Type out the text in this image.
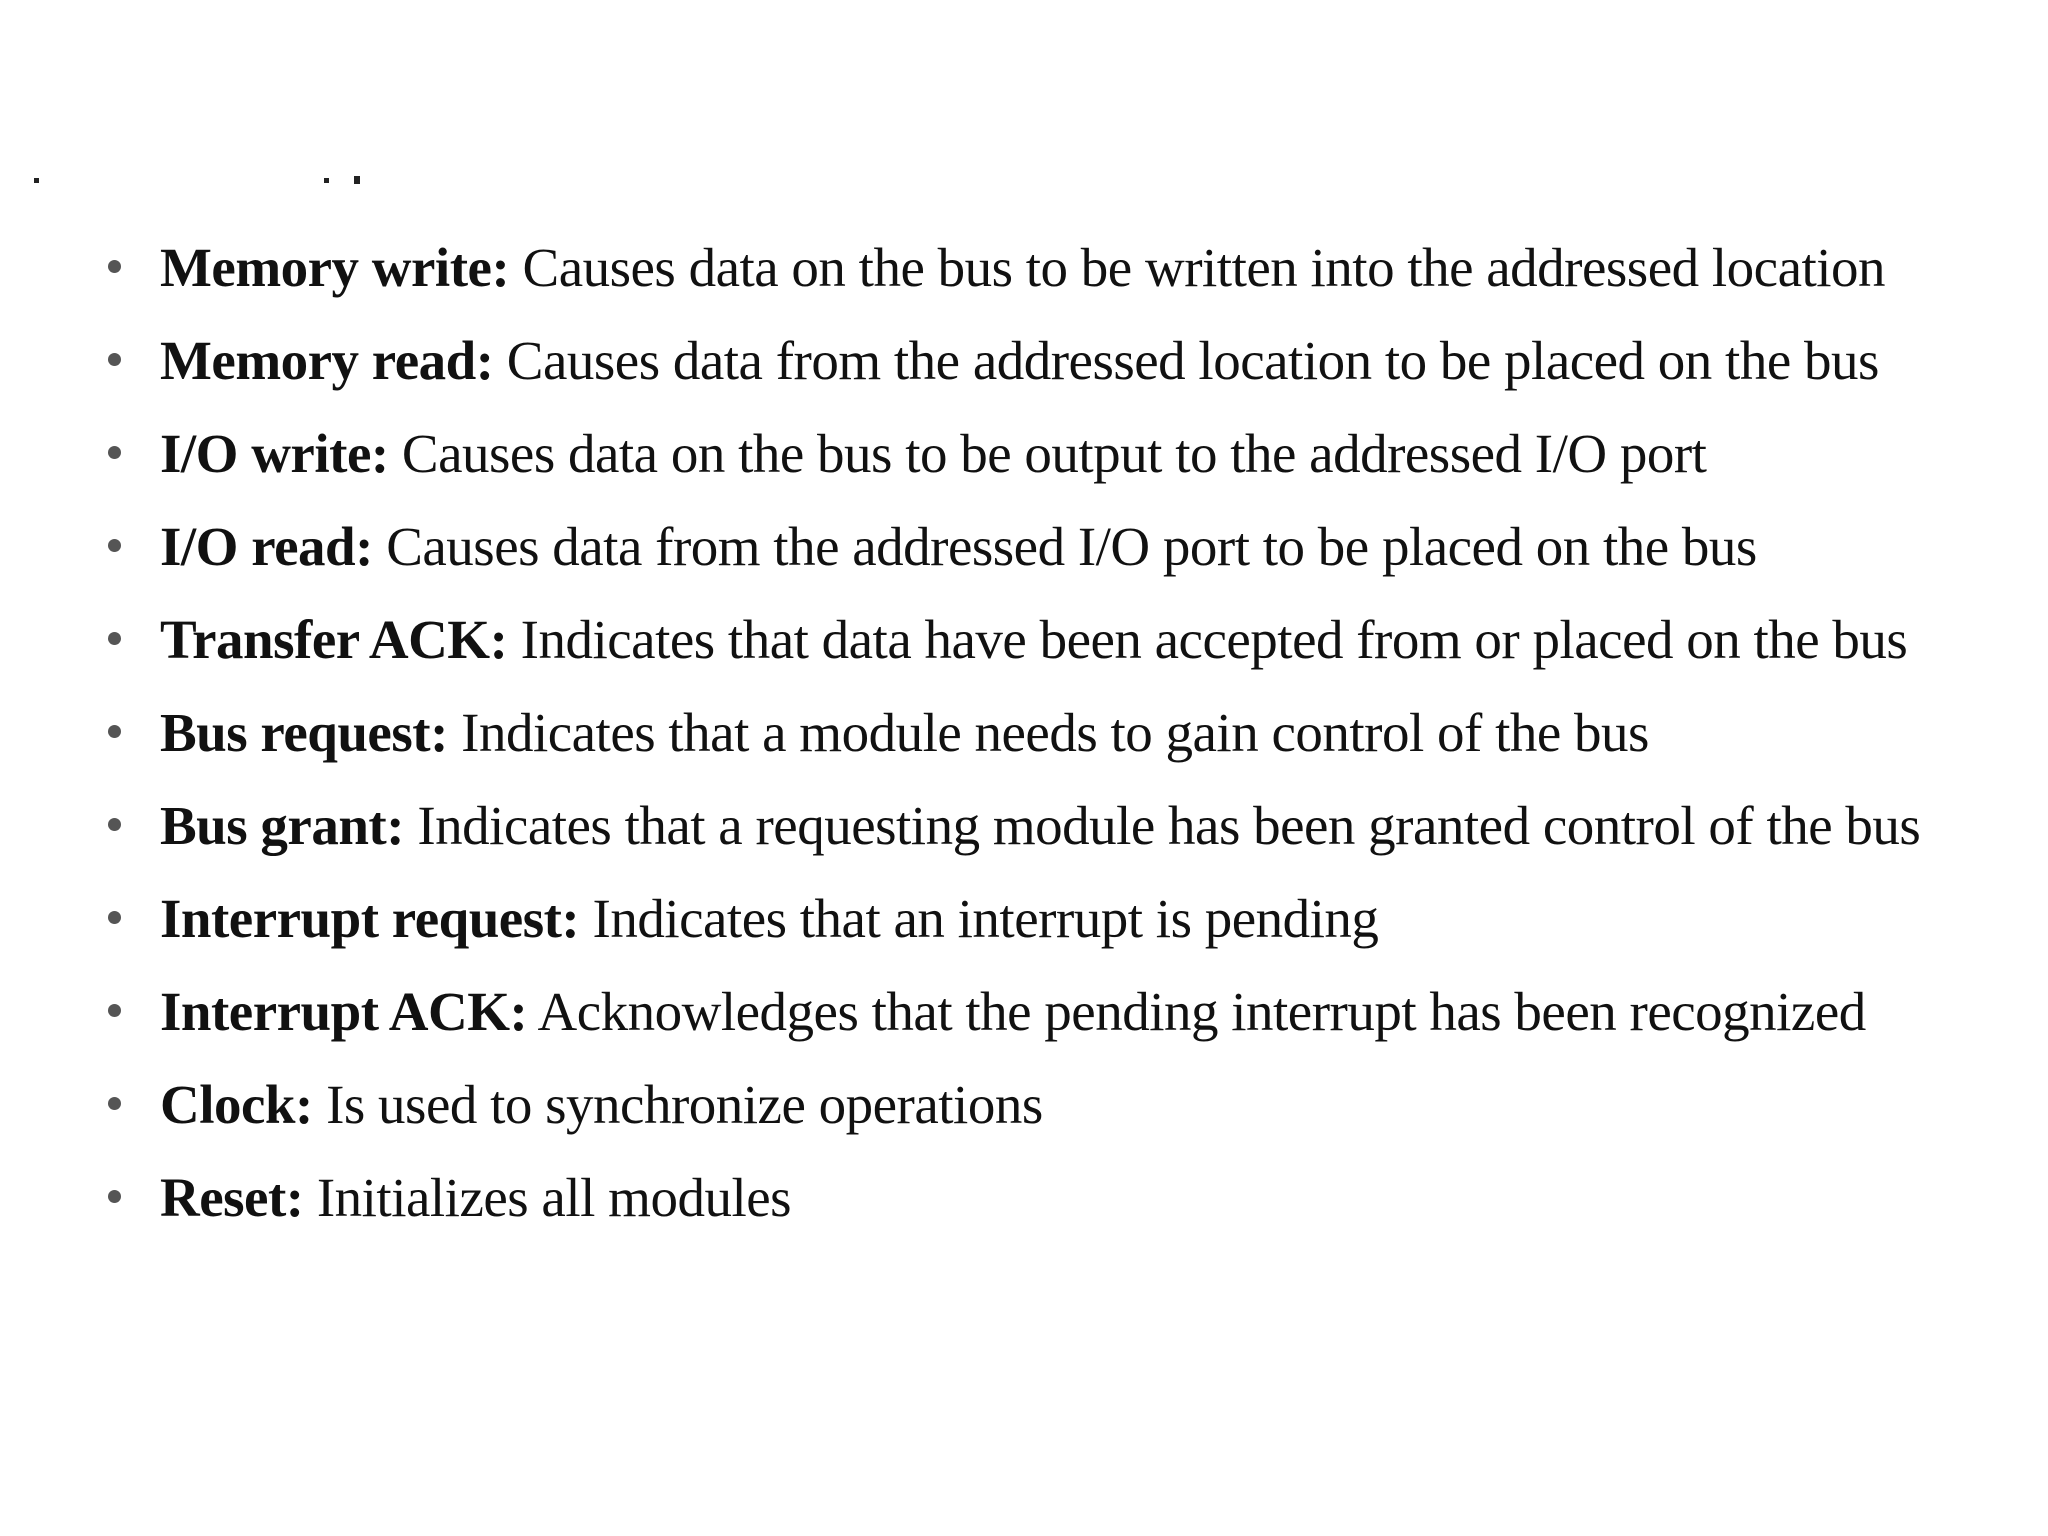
Memory write: Causes data on the bus to be written into the addressed location
Memory read: Causes data from the addressed location to be placed on the bus
I/O write: Causes data on the bus to be output to the addressed I/O port
I/O read: Causes data from the addressed I/O port to be placed on the bus
Transfer ACK: Indicates that data have been accepted from or placed on the bus
Bus request: Indicates that a module needs to gain control of the bus
Bus grant: Indicates that a requesting module has been granted control of the bus
Interrupt request: Indicates that an interrupt is pending
Interrupt ACK: Acknowledges that the pending interrupt has been recognized
Clock: Is used to synchronize operations
Reset: Initializes all modules
